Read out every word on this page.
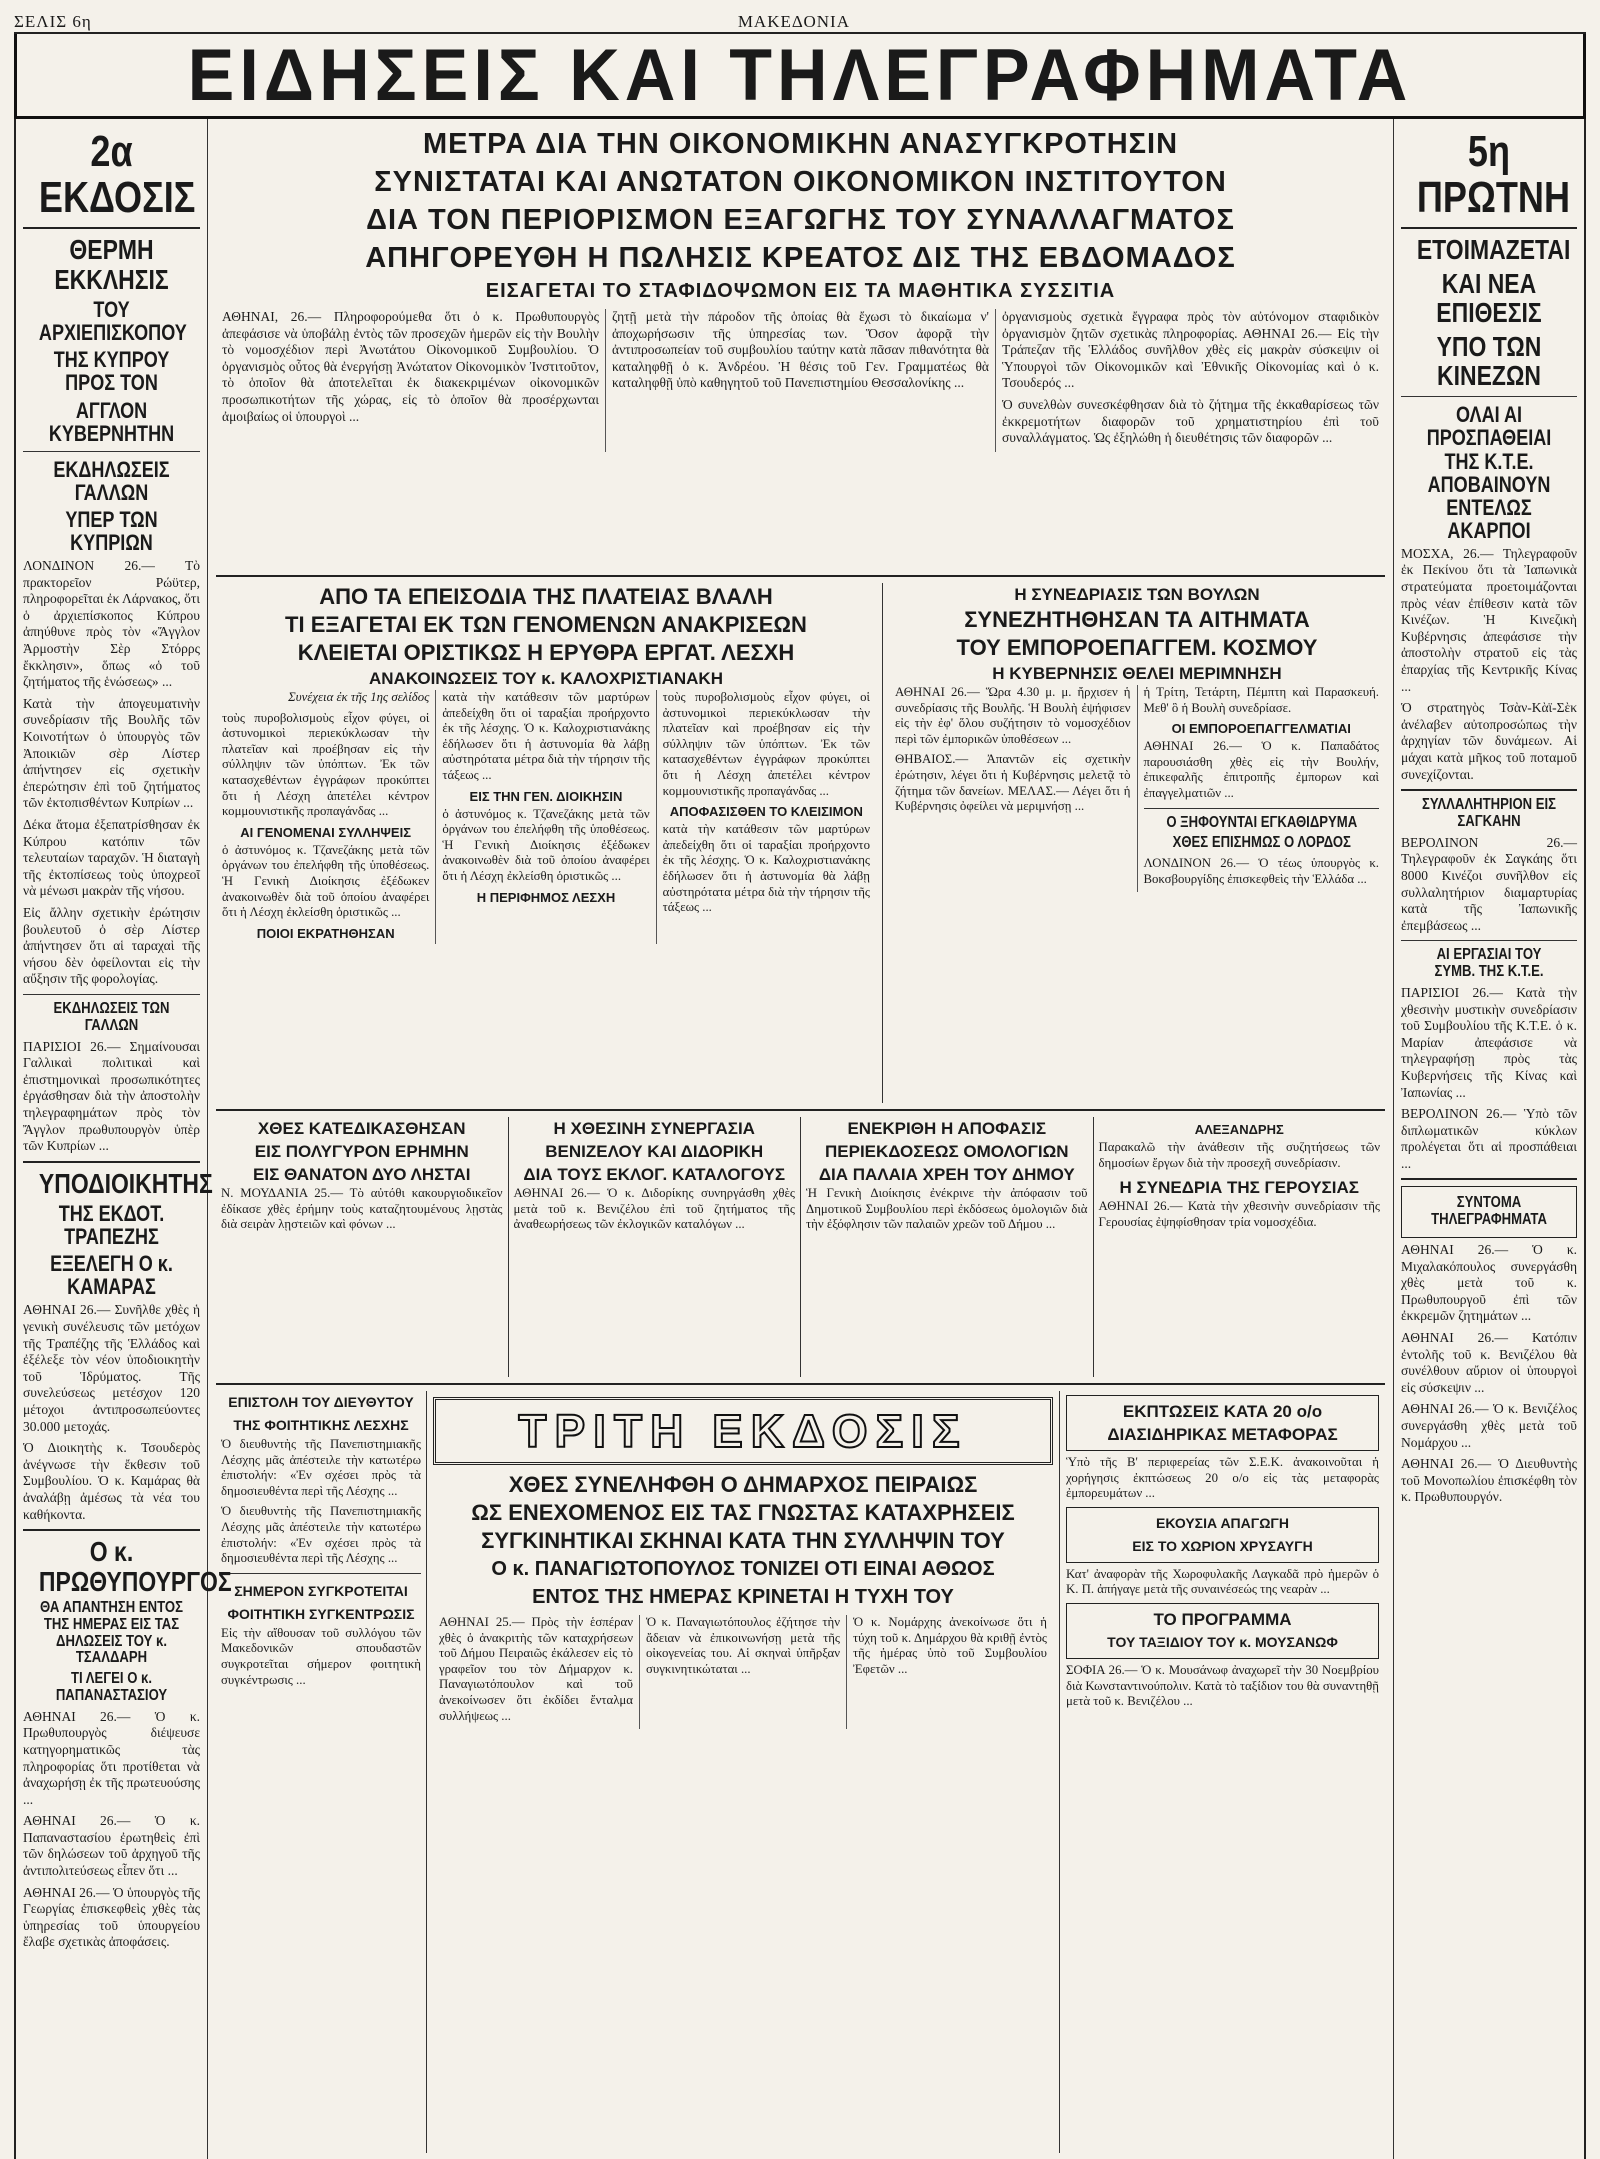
ΣΕΛΙΣ 6η	ΜΑΚΕΔΟΝΙΑ
ΕΙΔΗΣΕΙΣ ΚΑΙ ΤΗΛΕΓΡΑΦΗΜΑΤΑ
2α ΕΚΔΟΣΙΣ
ΘΕΡΜΗ ΕΚΚΛΗΣΙΣ
ΤΟΥ ΑΡΧΙΕΠΙΣΚΟΠΟΥ
ΤΗΣ ΚΥΠΡΟΥ ΠΡΟΣ ΤΟΝ
ΑΓΓΛΟΝ ΚΥΒΕΡΝΗΤΗΝ
ΕΚΔΗΛΩΣΕΙΣ ΓΑΛΛΩΝ
ΥΠΕΡ ΤΩΝ ΚΥΠΡΙΩΝ

ΛΟΝΔΙΝΟΝ 26.— Τὸ πρακτορεῖον Ρώϋτερ, πληροφορεῖται ἐκ Λάρνακος, ὅτι ὁ ἀρχιεπίσκοπος Κύπρου ἀπηύθυνε πρὸς τὸν «Ἄγγλον Ἀρμοστὴν Σὲρ Στόρρς ἔκκλησιν», ὅπως «ὁ τοῦ ζητήματος τῆς ἑνώσεως» ...

Κατὰ τὴν ἀπογευματινὴν συνεδρίασιν τῆς Βουλῆς τῶν Κοινοτήτων ὁ ὑπουργὸς τῶν Ἀποικιῶν σὲρ Λίστερ ἀπήντησεν εἰς σχετικὴν ἐπερώτησιν ἐπὶ τοῦ ζητήματος τῶν ἐκτοπισθέντων Κυπρίων ...

Δέκα ἄτομα ἐξεπατρίσθησαν ἐκ Κύπρου κατόπιν τῶν τελευταίων ταραχῶν. Ἡ διαταγὴ τῆς ἐκτοπίσεως τοὺς ὑποχρεοῖ νὰ μένωσι μακρὰν τῆς νήσου.

Εἰς ἄλλην σχετικὴν ἐρώτησιν βουλευτοῦ ὁ σὲρ Λίστερ ἀπήντησεν ὅτι αἱ ταραχαὶ τῆς νήσου δὲν ὀφείλονται εἰς τὴν αὔξησιν τῆς φορολογίας.

ΕΚΔΗΛΩΣΕΙΣ ΤΩΝ ΓΑΛΛΩΝ

ΠΑΡΙΣΙΟΙ 26.— Σημαίνουσαι Γαλλικαὶ πολιτικαὶ καὶ ἐπιστημονικαὶ προσωπικότητες ἐργάσθησαν διὰ τὴν ἀποστολὴν τηλεγραφημάτων πρὸς τὸν Ἄγγλον πρωθυπουργὸν ὑπὲρ τῶν Κυπρίων ...

ΥΠΟΔΙΟΙΚΗΤΗΣ
ΤΗΣ ΕΚΔΟΤ. ΤΡΑΠΕΖΗΣ
ΕΞΕΛΕΓΗ Ο κ. ΚΑΜΑΡΑΣ

ΑΘΗΝΑΙ 26.— Συνῆλθε χθὲς ἡ γενικὴ συνέλευσις τῶν μετόχων τῆς Τραπέζης τῆς Ἑλλάδος καὶ ἐξέλεξε τὸν νέον ὑποδιοικητὴν τοῦ Ἱδρύματος. Τῆς συνελεύσεως μετέσχον 120 μέτοχοι ἀντιπροσωπεύοντες 30.000 μετοχάς.

Ὁ Διοικητὴς κ. Τσουδερὸς ἀνέγνωσε τὴν ἔκθεσιν τοῦ Συμβουλίου. Ὁ κ. Καμάρας θὰ ἀναλάβῃ ἀμέσως τὰ νέα του καθήκοντα.

Ο κ. ΠΡΩΘΥΠΟΥΡΓΟΣ
ΘΑ ΑΠΑΝΤΗΣΗ ΕΝΤΟΣ ΤΗΣ ΗΜΕΡΑΣ ΕΙΣ ΤΑΣ ΔΗΛΩΣΕΙΣ ΤΟΥ κ. ΤΣΑΛΔΑΡΗ
ΤΙ ΛΕΓΕΙ Ο κ. ΠΑΠΑΝΑΣΤΑΣΙΟΥ

ΑΘΗΝΑΙ 26.— Ὁ κ. Πρωθυπουργὸς διέψευσε κατηγορηματικῶς τὰς πληροφορίας ὅτι προτίθεται νὰ ἀναχωρήσῃ ἐκ τῆς πρωτευούσης ...

ΑΘΗΝΑΙ 26.— Ὁ κ. Παπαναστασίου ἐρωτηθεὶς ἐπὶ τῶν δηλώσεων τοῦ ἀρχηγοῦ τῆς ἀντιπολιτεύσεως εἶπεν ὅτι ...

ΑΘΗΝΑΙ 26.— Ὁ ὑπουργὸς τῆς Γεωργίας ἐπισκεφθεὶς χθὲς τὰς ὑπηρεσίας τοῦ ὑπουργείου ἔλαβε σχετικὰς ἀποφάσεις.

ΜΕΤΡΑ ΔΙΑ ΤΗΝ ΟΙΚΟΝΟΜΙΚΗΝ ΑΝΑΣΥΓΚΡΟΤΗΣΙΝ
ΣΥΝΙΣΤΑΤΑΙ ΚΑΙ ΑΝΩΤΑΤΟΝ ΟΙΚΟΝΟΜΙΚΟΝ ΙΝΣΤΙΤΟΥΤΟΝ
ΔΙΑ ΤΟΝ ΠΕΡΙΟΡΙΣΜΟΝ ΕΞΑΓΩΓΗΣ ΤΟΥ ΣΥΝΑΛΛΑΓΜΑΤΟΣ
ΑΠΗΓΟΡΕΥΘΗ Η ΠΩΛΗΣΙΣ ΚΡΕΑΤΟΣ ΔΙΣ ΤΗΣ ΕΒΔΟΜΑΔΟΣ
ΕΙΣΑΓΕΤΑΙ ΤΟ ΣΤΑΦΙΔΟΨΩΜΟΝ ΕΙΣ ΤΑ ΜΑΘΗΤΙΚΑ ΣΥΣΣΙΤΙΑ

ΑΘΗΝΑΙ, 26.— Πληροφορούμεθα ὅτι ὁ κ. Πρωθυπουργὸς ἀπεφάσισε νὰ ὑποβάλῃ ἐντὸς τῶν προσεχῶν ἡμερῶν εἰς τὴν Βουλὴν τὸ νομοσχέδιον περὶ Ἀνωτάτου Οἰκονομικοῦ Συμβουλίου. Ὁ ὀργανισμὸς οὗτος θὰ ἐνεργήσῃ Ἀνώτατον Οἰκονομικὸν Ἰνστιτοῦτον, τὸ ὁποῖον θὰ ἀποτελεῖται ἐκ διακεκριμένων οἰκονομικῶν προσωπικοτήτων τῆς χώρας, εἰς τὸ ὁποῖον θὰ προσέρχωνται ἀμοιβαίως οἱ ὑπουργοὶ ...

ζητῇ μετὰ τὴν πάροδον τῆς ὁποίας θὰ ἔχωσι τὸ δικαίωμα ν' ἀποχωρήσωσιν τῆς ὑπηρεσίας των. Ὅσον ἀφορᾷ τὴν ἀντιπροσωπείαν τοῦ συμβουλίου ταύτην κατὰ πᾶσαν πιθανότητα θὰ καταληφθῇ ὁ κ. Ἀνδρέου. Ἡ θέσις τοῦ Γεν. Γραμματέως θὰ καταληφθῇ ὑπὸ καθηγητοῦ τοῦ Πανεπιστημίου Θεσσαλονίκης ...

ὀργανισμοὺς σχετικὰ ἔγγραφα πρὸς τὸν αὐτόνομον σταφιδικὸν ὀργανισμὸν ζητῶν σχετικὰς πληροφορίας. ΑΘΗΝΑΙ 26.— Εἰς τὴν Τράπεζαν τῆς Ἑλλάδος συνῆλθον χθὲς εἰς μακρὰν σύσκεψιν οἱ Ὑπουργοὶ τῶν Οἰκονομικῶν καὶ Ἐθνικῆς Οἰκονομίας καὶ ὁ κ. Τσουδερός ...

Ὁ συνελθὼν συνεσκέφθησαν διὰ τὸ ζήτημα τῆς ἐκκαθαρίσεως τῶν ἐκκρεμοτήτων διαφορῶν τοῦ χρηματιστηρίου ἐπὶ τοῦ συναλλάγματος. Ὡς ἐξηλώθη ἡ διευθέτησις τῶν διαφορῶν ...

ΑΠΟ ΤΑ ΕΠΕΙΣΟΔΙΑ ΤΗΣ ΠΛΑΤΕΙΑΣ ΒΛΑΛΗ
ΤΙ ΕΞΑΓΕΤΑΙ ΕΚ ΤΩΝ ΓΕΝΟΜΕΝΩΝ ΑΝΑΚΡΙΣΕΩΝ
ΚΛΕΙΕΤΑΙ ΟΡΙΣΤΙΚΩΣ Η ΕΡΥΘΡΑ ΕΡΓΑΤ. ΛΕΣΧΗ
ΑΝΑΚΟΙΝΩΣΕΙΣ ΤΟΥ κ. ΚΑΛΟΧΡΙΣΤΙΑΝΑΚΗ

Συνέχεια ἐκ τῆς 1ης σελίδος

τοὺς πυροβολισμοὺς εἶχον φύγει, οἱ ἀστυνομικοὶ περιεκύκλωσαν τὴν πλατεῖαν καὶ προέβησαν εἰς τὴν σύλληψιν τῶν ὑπόπτων. Ἐκ τῶν κατασχεθέντων ἐγγράφων προκύπτει ὅτι ἡ Λέσχη ἀπετέλει κέντρον κομμουνιστικῆς προπαγάνδας ...

ΑΙ ΓΕΝΟΜΕΝΑΙ ΣΥΛΛΗΨΕΙΣ

ὁ ἀστυνόμος κ. Τζανεζάκης μετὰ τῶν ὀργάνων του ἐπελήφθη τῆς ὑποθέσεως. Ἡ Γενικὴ Διοίκησις ἐξέδωκεν ἀνακοινωθὲν διὰ τοῦ ὁποίου ἀναφέρει ὅτι ἡ Λέσχη ἐκλείσθη ὁριστικῶς ...

ΠΟΙΟΙ ΕΚΡΑΤΗΘΗΣΑΝ

κατὰ τὴν κατάθεσιν τῶν μαρτύρων ἀπεδείχθη ὅτι οἱ ταραξίαι προήρχοντο ἐκ τῆς λέσχης. Ὁ κ. Καλοχριστιανάκης ἐδήλωσεν ὅτι ἡ ἀστυνομία θὰ λάβῃ αὐστηρότατα μέτρα διὰ τὴν τήρησιν τῆς τάξεως ...

ΕΙΣ ΤΗΝ ΓΕΝ. ΔΙΟΙΚΗΣΙΝ

ὁ ἀστυνόμος κ. Τζανεζάκης μετὰ τῶν ὀργάνων του ἐπελήφθη τῆς ὑποθέσεως. Ἡ Γενικὴ Διοίκησις ἐξέδωκεν ἀνακοινωθὲν διὰ τοῦ ὁποίου ἀναφέρει ὅτι ἡ Λέσχη ἐκλείσθη ὁριστικῶς ...

Η ΠΕΡΙΦΗΜΟΣ ΛΕΣΧΗ

τοὺς πυροβολισμοὺς εἶχον φύγει, οἱ ἀστυνομικοὶ περιεκύκλωσαν τὴν πλατεῖαν καὶ προέβησαν εἰς τὴν σύλληψιν τῶν ὑπόπτων. Ἐκ τῶν κατασχεθέντων ἐγγράφων προκύπτει ὅτι ἡ Λέσχη ἀπετέλει κέντρον κομμουνιστικῆς προπαγάνδας ...

ΑΠΟΦΑΣΙΣΘΕΝ ΤΟ ΚΛΕΙΣΙΜΟΝ

κατὰ τὴν κατάθεσιν τῶν μαρτύρων ἀπεδείχθη ὅτι οἱ ταραξίαι προήρχοντο ἐκ τῆς λέσχης. Ὁ κ. Καλοχριστιανάκης ἐδήλωσεν ὅτι ἡ ἀστυνομία θὰ λάβῃ αὐστηρότατα μέτρα διὰ τὴν τήρησιν τῆς τάξεως ...

Η ΣΥΝΕΔΡΙΑΣΙΣ ΤΩΝ ΒΟΥΛΩΝ
ΣΥΝΕΖΗΤΗΘΗΣΑΝ ΤΑ ΑΙΤΗΜΑΤΑ
ΤΟΥ ΕΜΠΟΡΟΕΠΑΓΓΕΜ. ΚΟΣΜΟΥ
Η ΚΥΒΕΡΝΗΣΙΣ ΘΕΛΕΙ ΜΕΡΙΜΝΗΣΗ

ΑΘΗΝΑΙ 26.— Ὥρα 4.30 μ. μ. ἤρχισεν ἡ συνεδρίασις τῆς Βουλῆς. Ἡ Βουλὴ ἐψήφισεν εἰς τὴν ἐφ' ὅλου συζήτησιν τὸ νομοσχέδιον περὶ τῶν ἐμπορικῶν ὑποθέσεων ...

ΘΗΒΑΙΟΣ.— Ἀπαντῶν εἰς σχετικὴν ἐρώτησιν, λέγει ὅτι ἡ Κυβέρνησις μελετᾷ τὸ ζήτημα τῶν δανείων. ΜΕΛΑΣ.— Λέγει ὅτι ἡ Κυβέρνησις ὀφείλει νὰ μεριμνήσῃ ...

ἡ Τρίτη, Τετάρτη, Πέμπτη καὶ Παρασκευή. Μεθ' ὃ ἡ Βουλὴ συνεδρίασε.

ΟΙ ΕΜΠΟΡΟΕΠΑΓΓΕΛΜΑΤΙΑΙ

ΑΘΗΝΑΙ 26.— Ὁ κ. Παπαδάτος παρουσιάσθη χθὲς εἰς τὴν Βουλήν, ἐπικεφαλῆς ἐπιτροπῆς ἐμπορων καὶ ἐπαγγελματιῶν ...

Ο ΞΗΦΟΥΝΤΑΙ ΕΓΚΑΘΙΔΡΥΜΑ
ΧΘΕΣ ΕΠΙΣΗΜΩΣ Ο ΛΟΡΔΟΣ

ΛΟΝΔΙΝΟΝ 26.— Ὁ τέως ὑπουργὸς κ. Βοκσβουργίδης ἐπισκεφθεὶς τὴν Ἑλλάδα ...

ΧΘΕΣ ΚΑΤΕΔΙΚΑΣΘΗΣΑΝ
ΕΙΣ ΠΟΛΥΓΥΡΟΝ ΕΡΗΜΗΝ
ΕΙΣ ΘΑΝΑΤΟΝ ΔΥΟ ΛΗΣΤΑΙ

Ν. ΜΟΥΔΑΝΙΑ 25.— Τὸ αὐτόθι κακουργιοδικεῖον ἐδίκασε χθὲς ἐρήμην τοὺς καταζητουμένους λῃστὰς διὰ σειρὰν λῃστειῶν καὶ φόνων ...

Η ΧΘΕΣΙΝΗ ΣΥΝΕΡΓΑΣΙΑ
ΒΕΝΙΖΕΛΟΥ ΚΑΙ ΔΙΔΟΡΙΚΗ
ΔΙΑ ΤΟΥΣ ΕΚΛΟΓ. ΚΑΤΑΛΟΓΟΥΣ

ΑΘΗΝΑΙ 26.— Ὁ κ. Διδορίκης συνηργάσθη χθὲς μετὰ τοῦ κ. Βενιζέλου ἐπὶ τοῦ ζητήματος τῆς ἀναθεωρήσεως τῶν ἐκλογικῶν καταλόγων ...

ΕΝΕΚΡΙΘΗ Η ΑΠΟΦΑΣΙΣ
ΠΕΡΙΕΚΔΟΣΕΩΣ ΟΜΟΛΟΓΙΩΝ
ΔΙΑ ΠΑΛΑΙΑ ΧΡΕΗ ΤΟΥ ΔΗΜΟΥ

Ἡ Γενικὴ Διοίκησις ἐνέκρινε τὴν ἀπόφασιν τοῦ Δημοτικοῦ Συμβουλίου περὶ ἐκδόσεως ὁμολογιῶν διὰ τὴν ἐξόφλησιν τῶν παλαιῶν χρεῶν τοῦ Δήμου ...

ΑΛΕΞΑΝΔΡΗΣ

Παρακαλῶ τὴν ἀνάθεσιν τῆς συζητήσεως τῶν δημοσίων ἔργων διὰ τὴν προσεχῆ συνεδρίασιν.

Η ΣΥΝΕΔΡΙΑ ΤΗΣ ΓΕΡΟΥΣΙΑΣ

ΑΘΗΝΑΙ 26.— Κατὰ τὴν χθεσινὴν συνεδρίασιν τῆς Γερουσίας ἐψηφίσθησαν τρία νομοσχέδια.

ΕΠΙΣΤΟΛΗ ΤΟΥ ΔΙΕΥΘΥΤΟΥ
ΤΗΣ ΦΟΙΤΗΤΙΚΗΣ ΛΕΣΧΗΣ

Ὁ διευθυντὴς τῆς Πανεπιστημιακῆς Λέσχης μᾶς ἀπέστειλε τὴν κατωτέρω ἐπιστολήν: «Ἐν σχέσει πρὸς τὰ δημοσιευθέντα περὶ τῆς Λέσχης ...

Ὁ διευθυντὴς τῆς Πανεπιστημιακῆς Λέσχης μᾶς ἀπέστειλε τὴν κατωτέρω ἐπιστολήν: «Ἐν σχέσει πρὸς τὰ δημοσιευθέντα περὶ τῆς Λέσχης ...

ΣΗΜΕΡΟΝ ΣΥΓΚΡΟΤΕΙΤΑΙ
ΦΟΙΤΗΤΙΚΗ ΣΥΓΚΕΝΤΡΩΣΙΣ

Εἰς τὴν αἴθουσαν τοῦ συλλόγου τῶν Μακεδονικῶν σπουδαστῶν συγκροτεῖται σήμερον φοιτητικὴ συγκέντρωσις ...

ΤΡΙΤΗ ΕΚΔΟΣΙΣ
ΧΘΕΣ ΣΥΝΕΛΗΦΘΗ Ο ΔΗΜΑΡΧΟΣ ΠΕΙΡΑΙΩΣ
ΩΣ ΕΝΕΧΟΜΕΝΟΣ ΕΙΣ ΤΑΣ ΓΝΩΣΤΑΣ ΚΑΤΑΧΡΗΣΕΙΣ
ΣΥΓΚΙΝΗΤΙΚΑΙ ΣΚΗΝΑΙ ΚΑΤΑ ΤΗΝ ΣΥΛΛΗΨΙΝ ΤΟΥ
Ο κ. ΠΑΝΑΓΙΩΤΟΠΟΥΛΟΣ ΤΟΝΙΖΕΙ ΟΤΙ ΕΙΝΑΙ ΑΘΩΟΣ
ΕΝΤΟΣ ΤΗΣ ΗΜΕΡΑΣ ΚΡΙΝΕΤΑΙ Η ΤΥΧΗ ΤΟΥ

ΑΘΗΝΑΙ 25.— Πρὸς τὴν ἑσπέραν χθὲς ὁ ἀνακριτὴς τῶν καταχρήσεων τοῦ Δήμου Πειραιῶς ἐκάλεσεν εἰς τὸ γραφεῖον του τὸν Δήμαρχον κ. Παναγιωτόπουλον καὶ τοῦ ἀνεκοίνωσεν ὅτι ἐκδίδει ἔνταλμα συλλήψεως ...

Ὁ κ. Παναγιωτόπουλος ἐζήτησε τὴν ἄδειαν νὰ ἐπικοινωνήσῃ μετὰ τῆς οἰκογενείας του. Αἱ σκηναὶ ὑπῆρξαν συγκινητικώταται ...

Ὁ κ. Νομάρχης ἀνεκοίνωσε ὅτι ἡ τύχη τοῦ κ. Δημάρχου θὰ κριθῇ ἐντὸς τῆς ἡμέρας ὑπὸ τοῦ Συμβουλίου Ἐφετῶν ...

ΕΚΠΤΩΣΕΙΣ ΚΑΤΑ 20 ο/ο
ΔΙΑΣΙΔΗΡΙΚΑΣ ΜΕΤΑΦΟΡΑΣ

Ὑπὸ τῆς Β' περιφερείας τῶν Σ.Ε.Κ. ἀνακοινοῦται ἡ χορήγησις ἐκπτώσεως 20 ο/ο εἰς τὰς μεταφορὰς ἐμπορευμάτων ...

ΕΚΟΥΣΙΑ ΑΠΑΓΩΓΗ
ΕΙΣ ΤΟ ΧΩΡΙΟΝ ΧΡΥΣΑΥΓΗ

Κατ' ἀναφορὰν τῆς Χωροφυλακῆς Λαγκαδᾶ πρὸ ἡμερῶν ὁ Κ. Π. ἀπήγαγε μετὰ τῆς συναινέσεώς της νεαρὰν ...

ΤΟ ΠΡΟΓΡΑΜΜΑ
ΤΟΥ ΤΑΞΙΔΙΟΥ ΤΟΥ κ. ΜΟΥΣΑΝΩΦ

ΣΟΦΙΑ 26.— Ὁ κ. Μουσάνωφ ἀναχωρεῖ τὴν 30 Νοεμβρίου διὰ Κωνσταντινούπολιν. Κατὰ τὸ ταξίδιον του θὰ συναντηθῇ μετὰ τοῦ κ. Βενιζέλου ...

5η ΠΡΩΤΝΗ
ΕΤΟΙΜΑΖΕΤΑΙ
ΚΑΙ ΝΕΑ ΕΠΙΘΕΣΙΣ
ΥΠΟ ΤΩΝ ΚΙΝΕΖΩΝ
ΟΛΑΙ ΑΙ ΠΡΟΣΠΑΘΕΙΑΙ ΤΗΣ Κ.Τ.Ε. ΑΠΟΒΑΙΝΟΥΝ ΕΝΤΕΛΩΣ ΑΚΑΡΠΟΙ

ΜΟΣΧΑ, 26.— Τηλεγραφοῦν ἐκ Πεκίνου ὅτι τὰ Ἰαπωνικὰ στρατεύματα προετοιμάζονται πρὸς νέαν ἐπίθεσιν κατὰ τῶν Κινέζων. Ἡ Κινεζικὴ Κυβέρνησις ἀπεφάσισε τὴν ἀποστολὴν στρατοῦ εἰς τὰς ἐπαρχίας τῆς Κεντρικῆς Κίνας ...

Ὁ στρατηγὸς Τσὰν-Κὰϊ-Σὲκ ἀνέλαβεν αὐτοπροσώπως τὴν ἀρχηγίαν τῶν δυνάμεων. Αἱ μάχαι κατὰ μῆκος τοῦ ποταμοῦ συνεχίζονται.

ΣΥΛΛΑΛΗΤΗΡΙΟΝ ΕΙΣ ΣΑΓΚΑΗΝ

ΒΕΡΟΛΙΝΟΝ 26.— Τηλεγραφοῦν ἐκ Σαγκάης ὅτι 8000 Κινέζοι συνῆλθον εἰς συλλαλητήριον διαμαρτυρίας κατὰ τῆς Ἰαπωνικῆς ἐπεμβάσεως ...

ΑΙ ΕΡΓΑΣΙΑΙ ΤΟΥ ΣΥΜΒ. ΤΗΣ Κ.Τ.Ε.

ΠΑΡΙΣΙΟΙ 26.— Κατὰ τὴν χθεσινὴν μυστικὴν συνεδρίασιν τοῦ Συμβουλίου τῆς Κ.Τ.Ε. ὁ κ. Μαρίαν ἀπεφάσισε νὰ τηλεγραφήσῃ πρὸς τὰς Κυβερνήσεις τῆς Κίνας καὶ Ἰαπωνίας ...

ΒΕΡΟΛΙΝΟΝ 26.— Ὑπὸ τῶν διπλωματικῶν κύκλων προλέγεται ὅτι αἱ προσπάθειαι ...

ΣΥΝΤΟΜΑ ΤΗΛΕΓΡΑΦΗΜΑΤΑ

ΑΘΗΝΑΙ 26.— Ὁ κ. Μιχαλακόπουλος συνεργάσθη χθὲς μετὰ τοῦ κ. Πρωθυπουργοῦ ἐπὶ τῶν ἐκκρεμῶν ζητημάτων ...

ΑΘΗΝΑΙ 26.— Κατόπιν ἐντολῆς τοῦ κ. Βενιζέλου θὰ συνέλθουν αὔριον οἱ ὑπουργοὶ εἰς σύσκεψιν ...

ΑΘΗΝΑΙ 26.— Ὁ κ. Βενιζέλος συνεργάσθη χθὲς μετὰ τοῦ Νομάρχου ...

ΑΘΗΝΑΙ 26.— Ὁ Διευθυντὴς τοῦ Μονοπωλίου ἐπισκέφθη τὸν κ. Πρωθυπουργόν.
